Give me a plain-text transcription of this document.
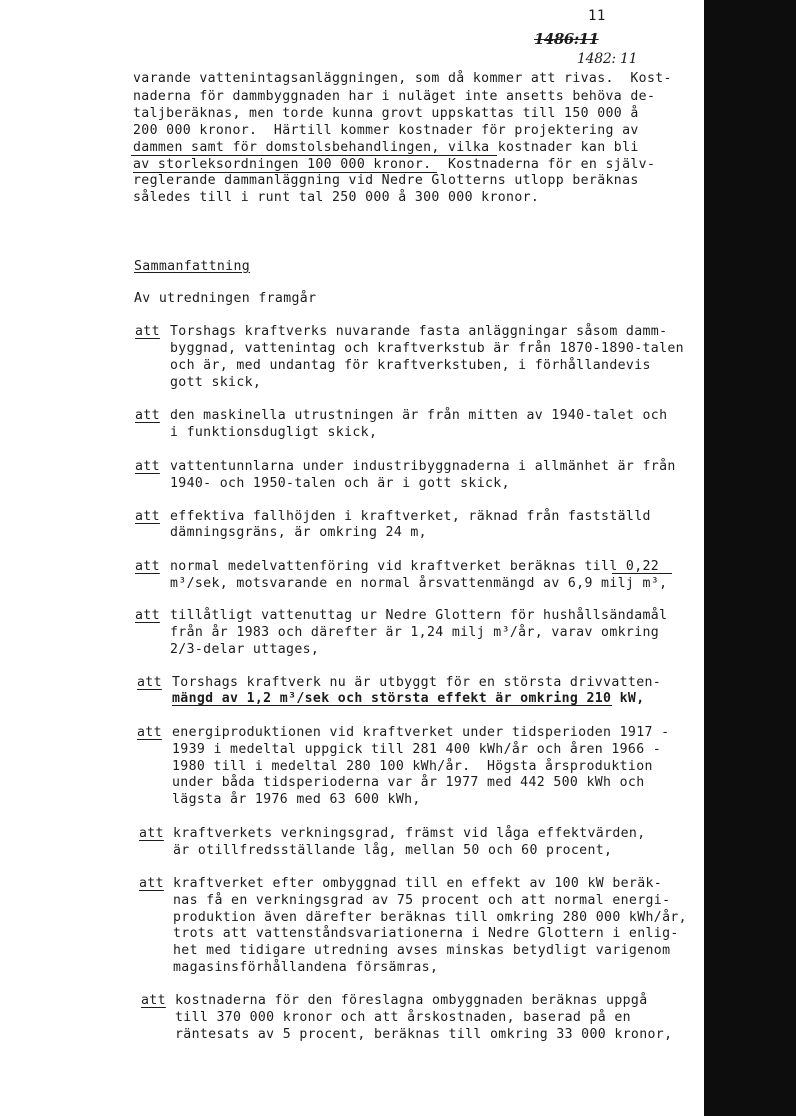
11
1486:11
1482: 11

varande vattenintagsanläggningen, som då kommer att rivas.  Kost-

naderna för dammbyggnaden har i nuläget inte ansetts behöva de-

taljberäknas, men torde kunna grovt uppskattas till 150 000 å

200 000 kronor.  Härtill kommer kostnader för projektering av

dammen samt för domstolsbehandlingen, vilka kostnader kan bli

av storleksordningen 100 000 kronor.  Kostnaderna för en själv-

reglerande dammanläggning vid Nedre Glotterns utlopp beräknas

således till i runt tal 250 000 å 300 000 kronor.

Sammanfattning

Av utredningen framgår

att Torshags kraftverks nuvarande fasta anläggningar såsom damm-

byggnad, vattenintag och kraftverkstub är från 1870-1890-talen

och är, med undantag för kraftverkstuben, i förhållandevis

gott skick,

att den maskinella utrustningen är från mitten av 1940-talet och

i funktionsdugligt skick,

att vattentunnlarna under industribyggnaderna i allmänhet är från

1940- och 1950-talen och är i gott skick,

att effektiva fallhöjden i kraftverket, räknad från fastställd

dämningsgräns, är omkring 24 m,

att normal medelvattenföring vid kraftverket beräknas till 0,22

m³/sek, motsvarande en normal årsvattenmängd av 6,9 milj m³,

att tillåtligt vattenuttag ur Nedre Glottern för hushållsändamål

från år 1983 och därefter är 1,24 milj m³/år, varav omkring

2/3-delar uttages,

att Torshags kraftverk nu är utbyggt för en största drivvatten-

mängd av 1,2 m³/sek och största effekt är omkring 210 kW,

att energiproduktionen vid kraftverket under tidsperioden 1917 -

1939 i medeltal uppgick till 281 400 kWh/år och åren 1966 -

1980 till i medeltal 280 100 kWh/år.  Högsta årsproduktion

under båda tidsperioderna var år 1977 med 442 500 kWh och

lägsta år 1976 med 63 600 kWh,

att kraftverkets verkningsgrad, främst vid låga effektvärden,

är otillfredsställande låg, mellan 50 och 60 procent,

att kraftverket efter ombyggnad till en effekt av 100 kW beräk-

nas få en verkningsgrad av 75 procent och att normal energi-

produktion även därefter beräknas till omkring 280 000 kWh/år,

trots att vattenståndsvariationerna i Nedre Glottern i enlig-

het med tidigare utredning avses minskas betydligt varigenom

magasinsförhållandena försämras,

att kostnaderna för den föreslagna ombyggnaden beräknas uppgå

till 370 000 kronor och att årskostnaden, baserad på en

räntesats av 5 procent, beräknas till omkring 33 000 kronor,
